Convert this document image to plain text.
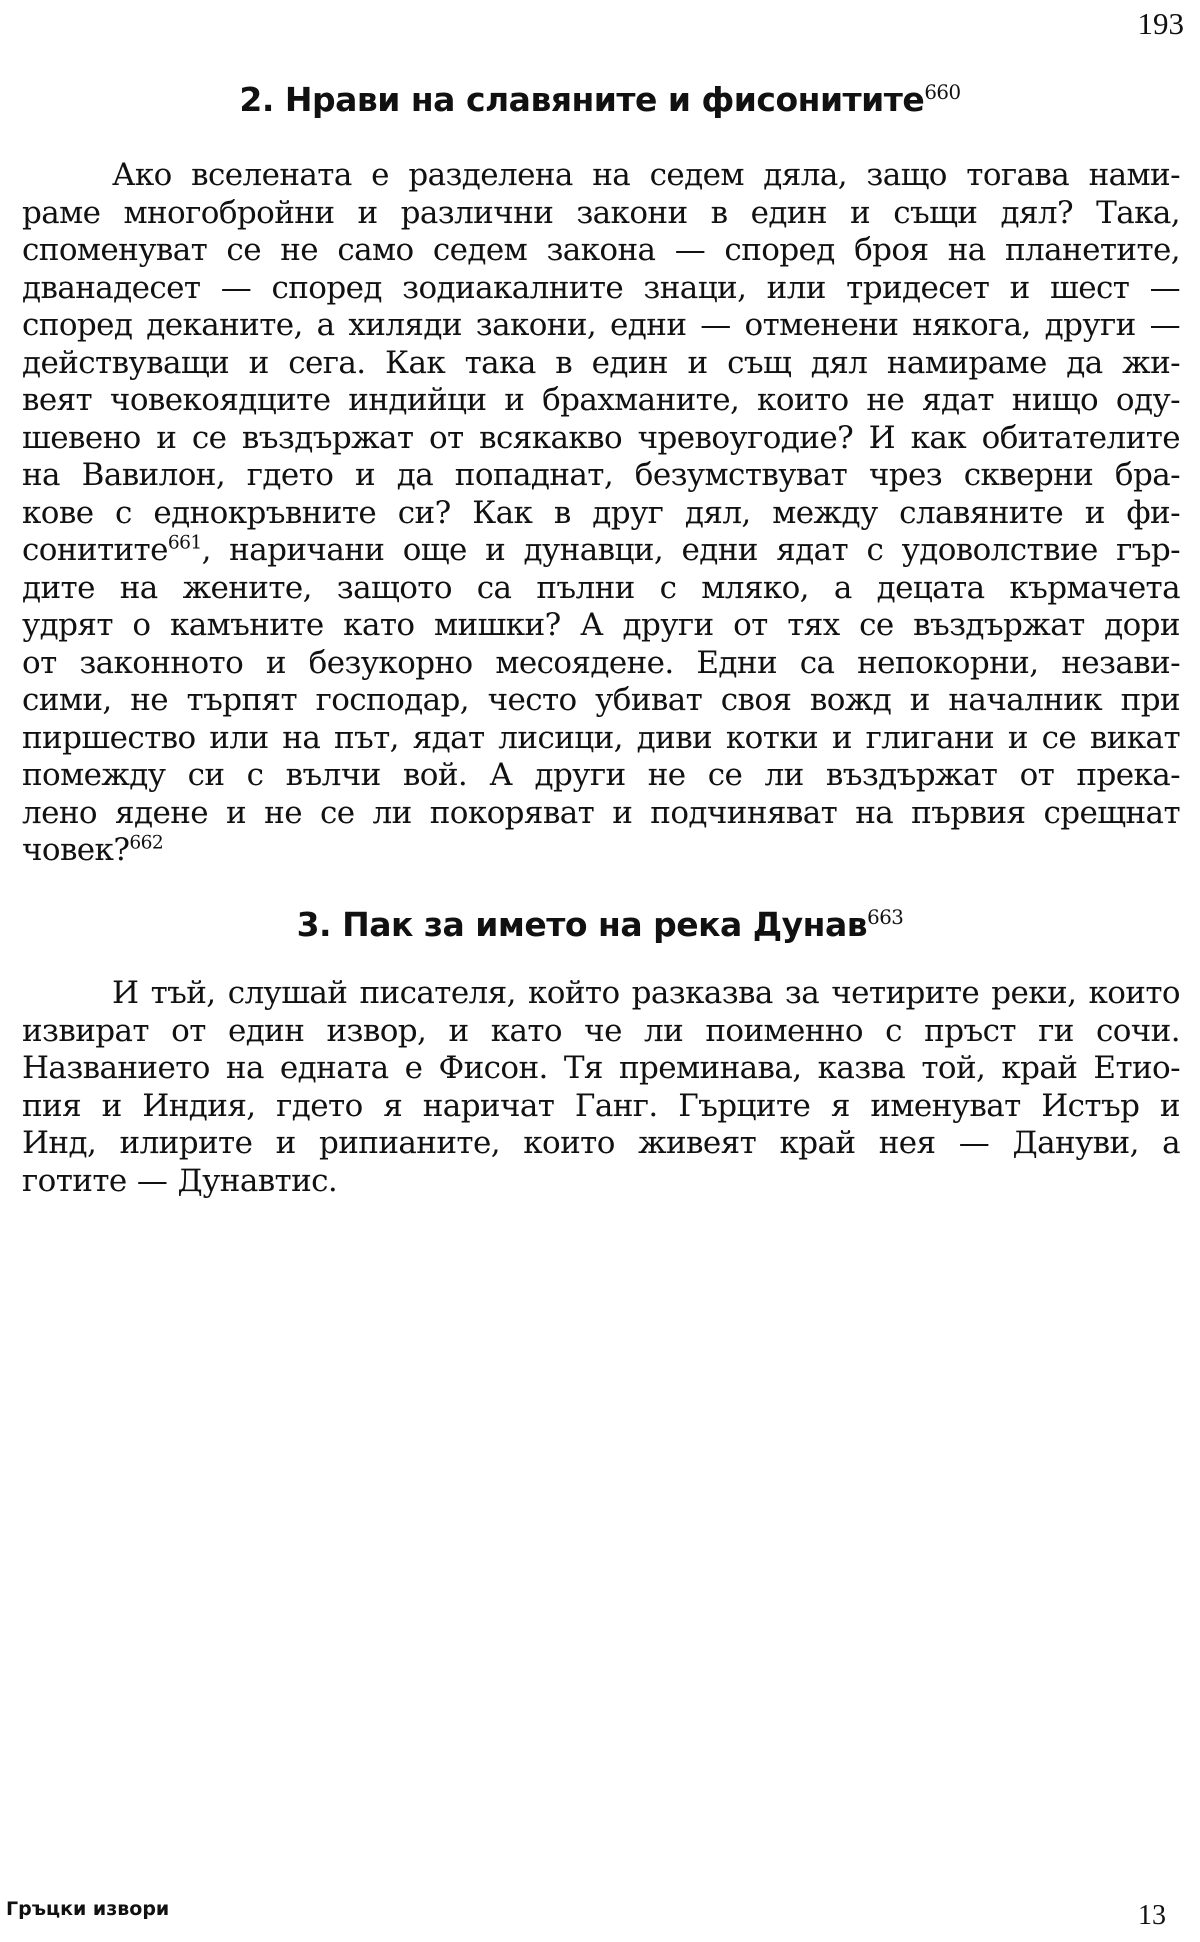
193
2. Нрави на славяните и фисонитите$^{660}$
Ако вселената е разделена на седем дяла, защо тогава нами-
раме многобройни и различни закони в един и същи дял? Така,
споменуват се не само седем закона — според броя на планетите,
дванадесет — според зодиакалните знаци, или тридесет и шест —
според деканите, а хиляди закони, едни — отменени някога, други —
действуващи и сега. Как така в един и същ дял намираме да жи-
веят човекоядците индийци и брахманите, които не ядат нищо оду-
шевено и се въздържат от всякакво чревоугодие? И как обитателите
на Вавилон, гдето и да попаднат, безумствуват чрез скверни бра-
кове с еднокръвните си? Как в друг дял, между славяните и фи-
сонитите$^{661}$, наричани още и дунавци, едни ядат с удоволствие гър-
дите на жените, защото са пълни с мляко, а децата кърмачета
удрят о камъните като мишки? А други от тях се въздържат дори
от законното и безукорно месоядене. Едни са непокорни, незави-
сими, не търпят господар, често убиват своя вожд и началник при
пиршество или на път, ядат лисици, диви котки и глигани и се викат
помежду си с вълчи вой. А други не се ли въздържат от прека-
лено ядене и не се ли покоряват и подчиняват на първия срещнат
човек?$^{662}$
3. Пак за името на река Дунав$^{663}$
И тъй, слушай писателя, който разказва за четирите реки, които
извират от един извор, и като че ли поименно с пръст ги сочи.
Названието на едната е Фисон. Тя преминава, казва той, край Етио-
пия и Индия, гдето я наричат Ганг. Гърците я именуват Истър и
Инд, илирите и рипианите, които живеят край нея — Дануви, а
готите — Дунавтис.
Гръцки извори	13
